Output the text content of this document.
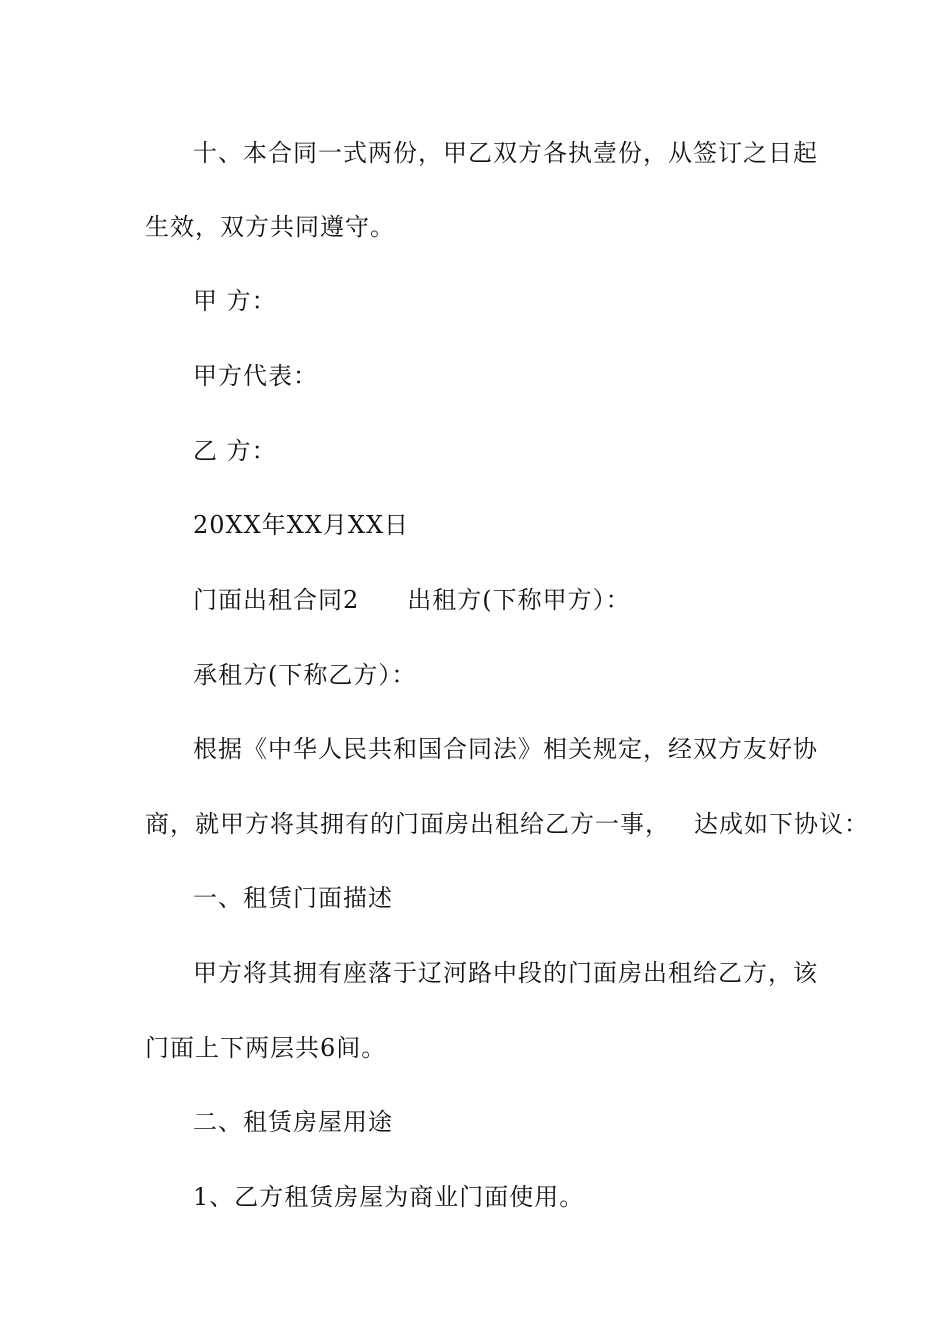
十、本合同一式两份，甲乙双方各执壹份，从签订之日起
生效，双方共同遵守。
甲 方：
甲方代表：
乙 方：
20XX年XX月XX日
门面出租合同2 出租方(下称甲方）：
承租方(下称乙方）：
根据《中华人民共和国合同法》相关规定，经双方友好协
商，就甲方将其拥有的门面房出租给乙方一事， 达成如下协议：
一、租赁门面描述
甲方将其拥有座落于辽河路中段的门面房出租给乙方，该
门面上下两层共6间。
二、租赁房屋用途
1、乙方租赁房屋为商业门面使用。
